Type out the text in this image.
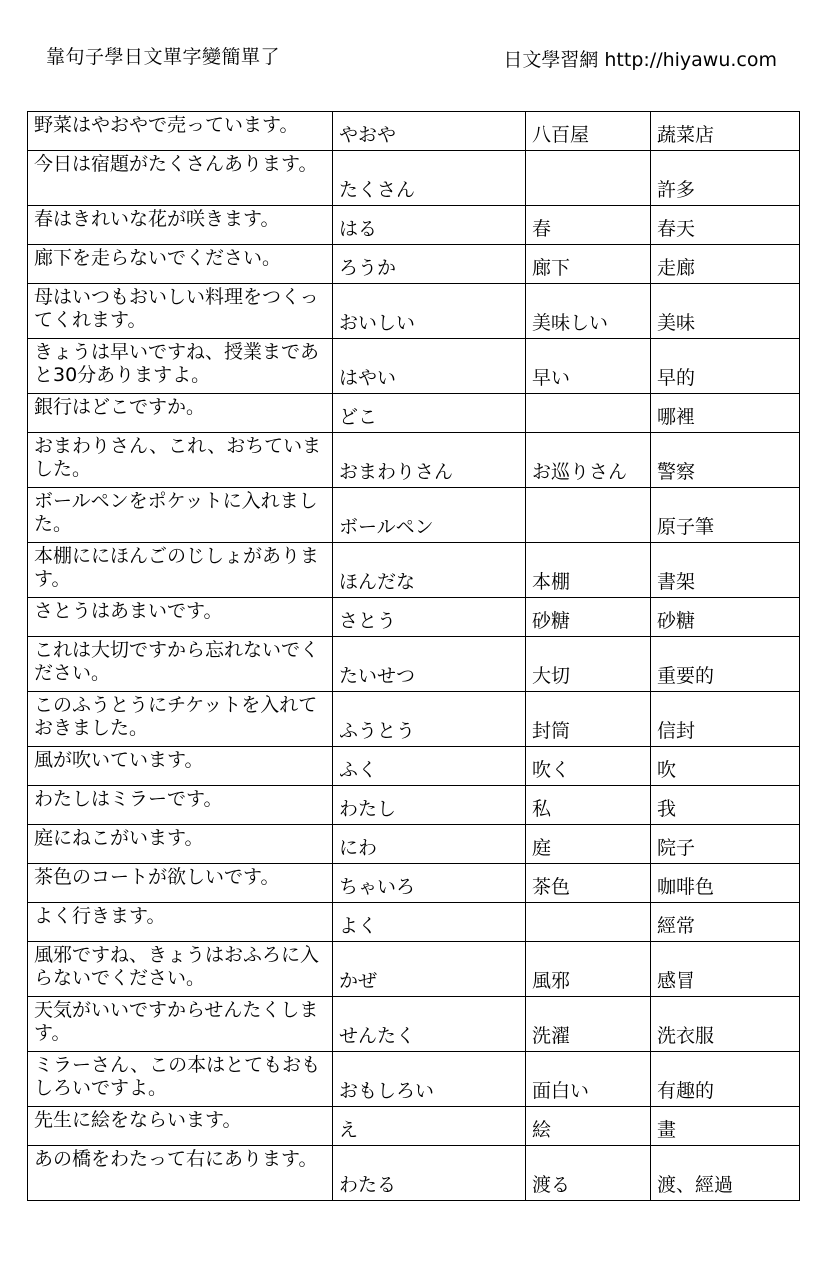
靠句子學日文單字變簡單了	日文學習網 http://hiyawu.com
野菜はやおやで売っています。	やおや	八百屋	蔬菜店
今日は宿題がたくさんあります。	たくさん		許多
春はきれいな花が咲きます。	はる	春	春天
廊下を走らないでください。	ろうか	廊下	走廊
母はいつもおいしい料理をつくってくれます。	おいしい	美味しい	美味
きょうは早いですね、授業まであと30分ありますよ。	はやい	早い	早的
銀行はどこですか。	どこ		哪裡
おまわりさん、これ、おちていました。	おまわりさん	お巡りさん	警察
ボールペンをポケットに入れました。	ボールペン		原子筆
本棚ににほんごのじしょがあります。	ほんだな	本棚	書架
さとうはあまいです。	さとう	砂糖	砂糖
これは大切ですから忘れないでください。	たいせつ	大切	重要的
このふうとうにチケットを入れておきました。	ふうとう	封筒	信封
風が吹いています。	ふく	吹く	吹
わたしはミラーです。	わたし	私	我
庭にねこがいます。	にわ	庭	院子
茶色のコートが欲しいです。	ちゃいろ	茶色	咖啡色
よく行きます。	よく		經常
風邪ですね、きょうはおふろに入らないでください。	かぜ	風邪	感冒
天気がいいですからせんたくします。	せんたく	洗濯	洗衣服
ミラーさん、この本はとてもおもしろいですよ。	おもしろい	面白い	有趣的
先生に絵をならいます。	え	絵	畫
あの橋をわたって右にあります。	わたる	渡る	渡、經過
